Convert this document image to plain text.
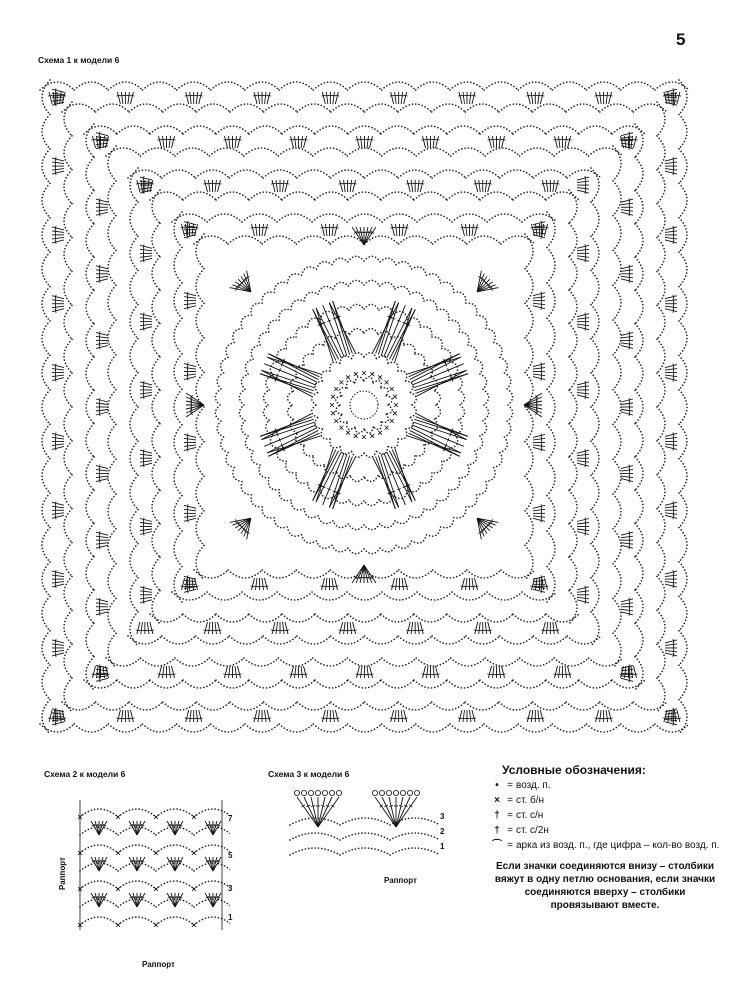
5
Схема 1 к модели 6
Схема 2 к модели 6
7
5
3
1
Раппорт
Раппорт
Схема 3 к модели 6
3
2
1
Раппорт
Условные обозначения:
• = возд. п.
× = ст. б/н
† = ст. с/н
† = ст. с/2н
⌒ = арка из возд. п., где цифра – кол-во возд. п.
Если значки соединяются внизу – столбики вяжут в одну петлю основания, если значки соединяются вверху – столбики провязывают вместе.
